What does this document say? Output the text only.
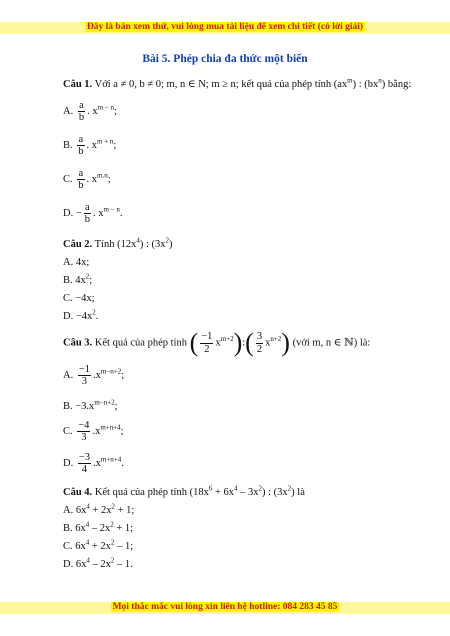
Đây là bản xem thử, vui lòng mua tài liệu để xem chi tiết (có lời giải)
Bài 5. Phép chia đa thức một biến
Câu 1. Với a ≠ 0, b ≠ 0; m, n ∈ N; m ≥ n; kết quả của phép tính $(ax^m)$ : $(bx^n)$ bằng:
A. $\frac{a}{b}$ . $x^{m - n}$;
B. $\frac{a}{b}$ . $x^{m + n}$;
C. $\frac{a}{b}$ . $x^{m.n}$;
D. − $\frac{a}{b}$ . $x^{m - n}$.
Câu 2. Tính $(12x^4)$ : $(3x^2)$
A. 4x;
B. $4x^2$;
C. −4x;
D. $-4x^2$.
Câu 3. Kết quả của phép tính ( $\frac{-1}{2}$ $x^{m+2}):( \frac{3}{2} x^{n+2})$ (với m, n ∈ ℕ) là:
A. $\frac{-1}{3} .x^{m-n+2}$;
B. $-3.x^{m-n+2}$;
C. $\frac{-4}{3} .x^{m+n+4}$;
D. $\frac{-3}{4} .x^{m+n+4}$.
Câu 4. Kết quả của phép tính $(18x^6 + 6x^4 - 3x^2)$ : $(3x^2)$ là
A. $6x^4 + 2x^2 + 1$;
B. $6x^4 - 2x^2 + 1$;
C. $6x^4 + 2x^2 - 1$;
D. $6x^4 - 2x^2 - 1$.
Mọi thắc mắc vui lòng xin liên hệ hotline: 084 283 45 85
